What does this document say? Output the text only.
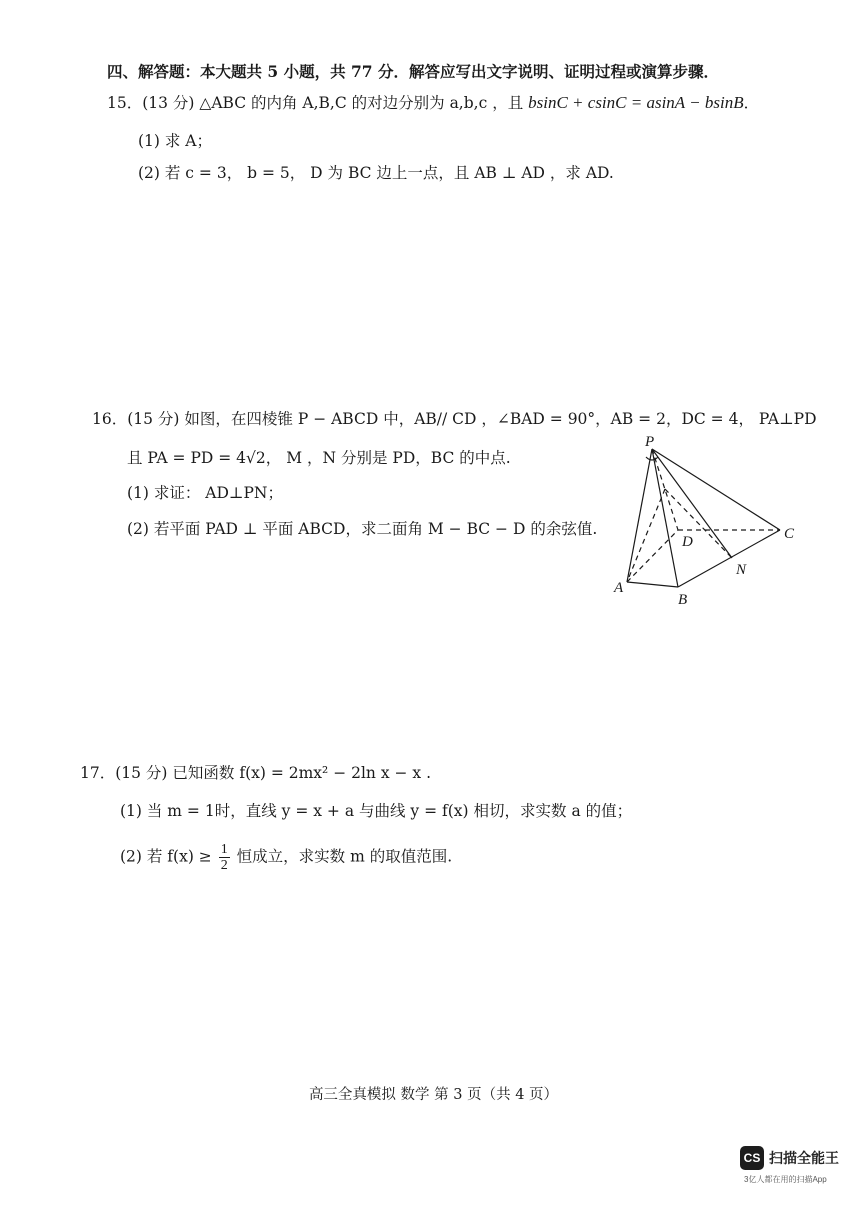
四、解答题：本大题共 5 小题，共 77 分．解答应写出文字说明、证明过程或演算步骤．
15．(13 分) △ABC 的内角 A,B,C 的对边分别为 a,b,c ，且 bsinC + csinC = asinA − bsinB．
(1) 求 A；
(2) 若 c = 3， b = 5， D 为 BC 边上一点，且 AB ⊥ AD ，求 AD.
16．(15 分) 如图，在四棱锥 P − ABCD 中，AB// CD ，∠BAD = 90°，AB = 2，DC = 4， PA⊥PD
且 PA = PD = 4√2， M ，N 分别是 PD，BC 的中点.
(1) 求证： AD⊥PN；
(2) 若平面 PAD ⊥ 平面 ABCD，求二面角 M − BC − D 的余弦值.
P
A
B
C
D
N
17．(15 分) 已知函数 f(x) = 2mx² − 2ln x − x .
(1) 当 m = 1时，直线 y = x + a 与曲线 y = f(x) 相切，求实数 a 的值；
(2) 若 $f(x) \ge \frac{1}{2}$ 恒成立，求实数 m 的取值范围.
高三全真模拟 数学 第 3 页（共 4 页）
CS 扫描全能王
3亿人都在用的扫描App
